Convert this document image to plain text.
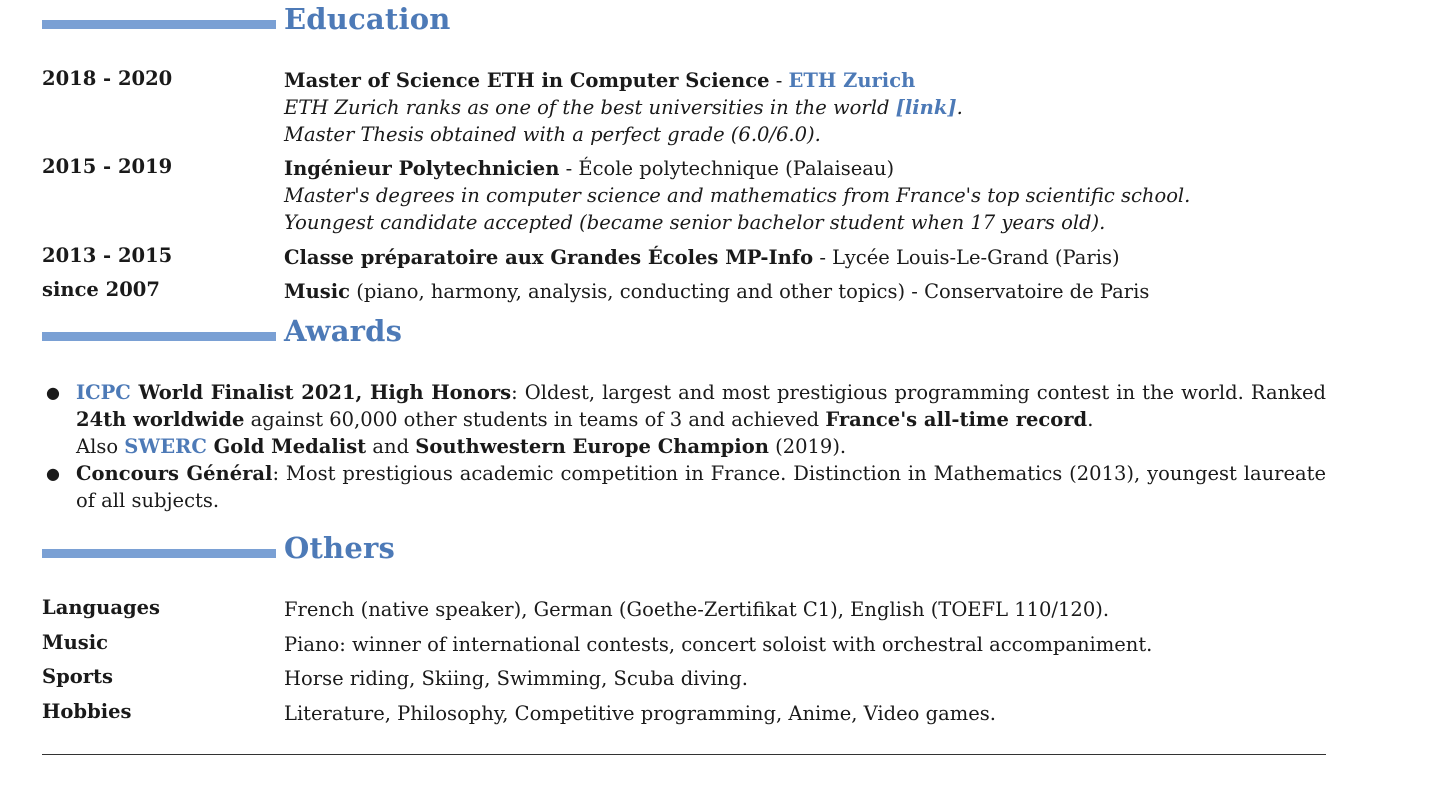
Education
2018 - 2020	Master of Science ETH in Computer Science - ETH Zurich
ETH Zurich ranks as one of the best universities in the world [link].
Master Thesis obtained with a perfect grade (6.0/6.0).
2015 - 2019	Ingénieur Polytechnicien - École polytechnique (Palaiseau)
Master's degrees in computer science and mathematics from France's top scientific school.
Youngest candidate accepted (became senior bachelor student when 17 years old).
2013 - 2015	Classe préparatoire aux Grandes Écoles MP-Info - Lycée Louis-Le-Grand (Paris)
since 2007	Music (piano, harmony, analysis, conducting and other topics) - Conservatoire de Paris
Awards
● ICPC World Finalist 2021, High Honors: Oldest, largest and most prestigious programming contest in the world. Ranked 24th worldwide against 60,000 other students in teams of 3 and achieved France's all-time record.
Also SWERC Gold Medalist and Southwestern Europe Champion (2019).
● Concours Général: Most prestigious academic competition in France. Distinction in Mathematics (2013), youngest laureate of all subjects.
Others
Languages	French (native speaker), German (Goethe-Zertifikat C1), English (TOEFL 110/120).
Music	Piano: winner of international contests, concert soloist with orchestral accompaniment.
Sports	Horse riding, Skiing, Swimming, Scuba diving.
Hobbies	Literature, Philosophy, Competitive programming, Anime, Video games.
